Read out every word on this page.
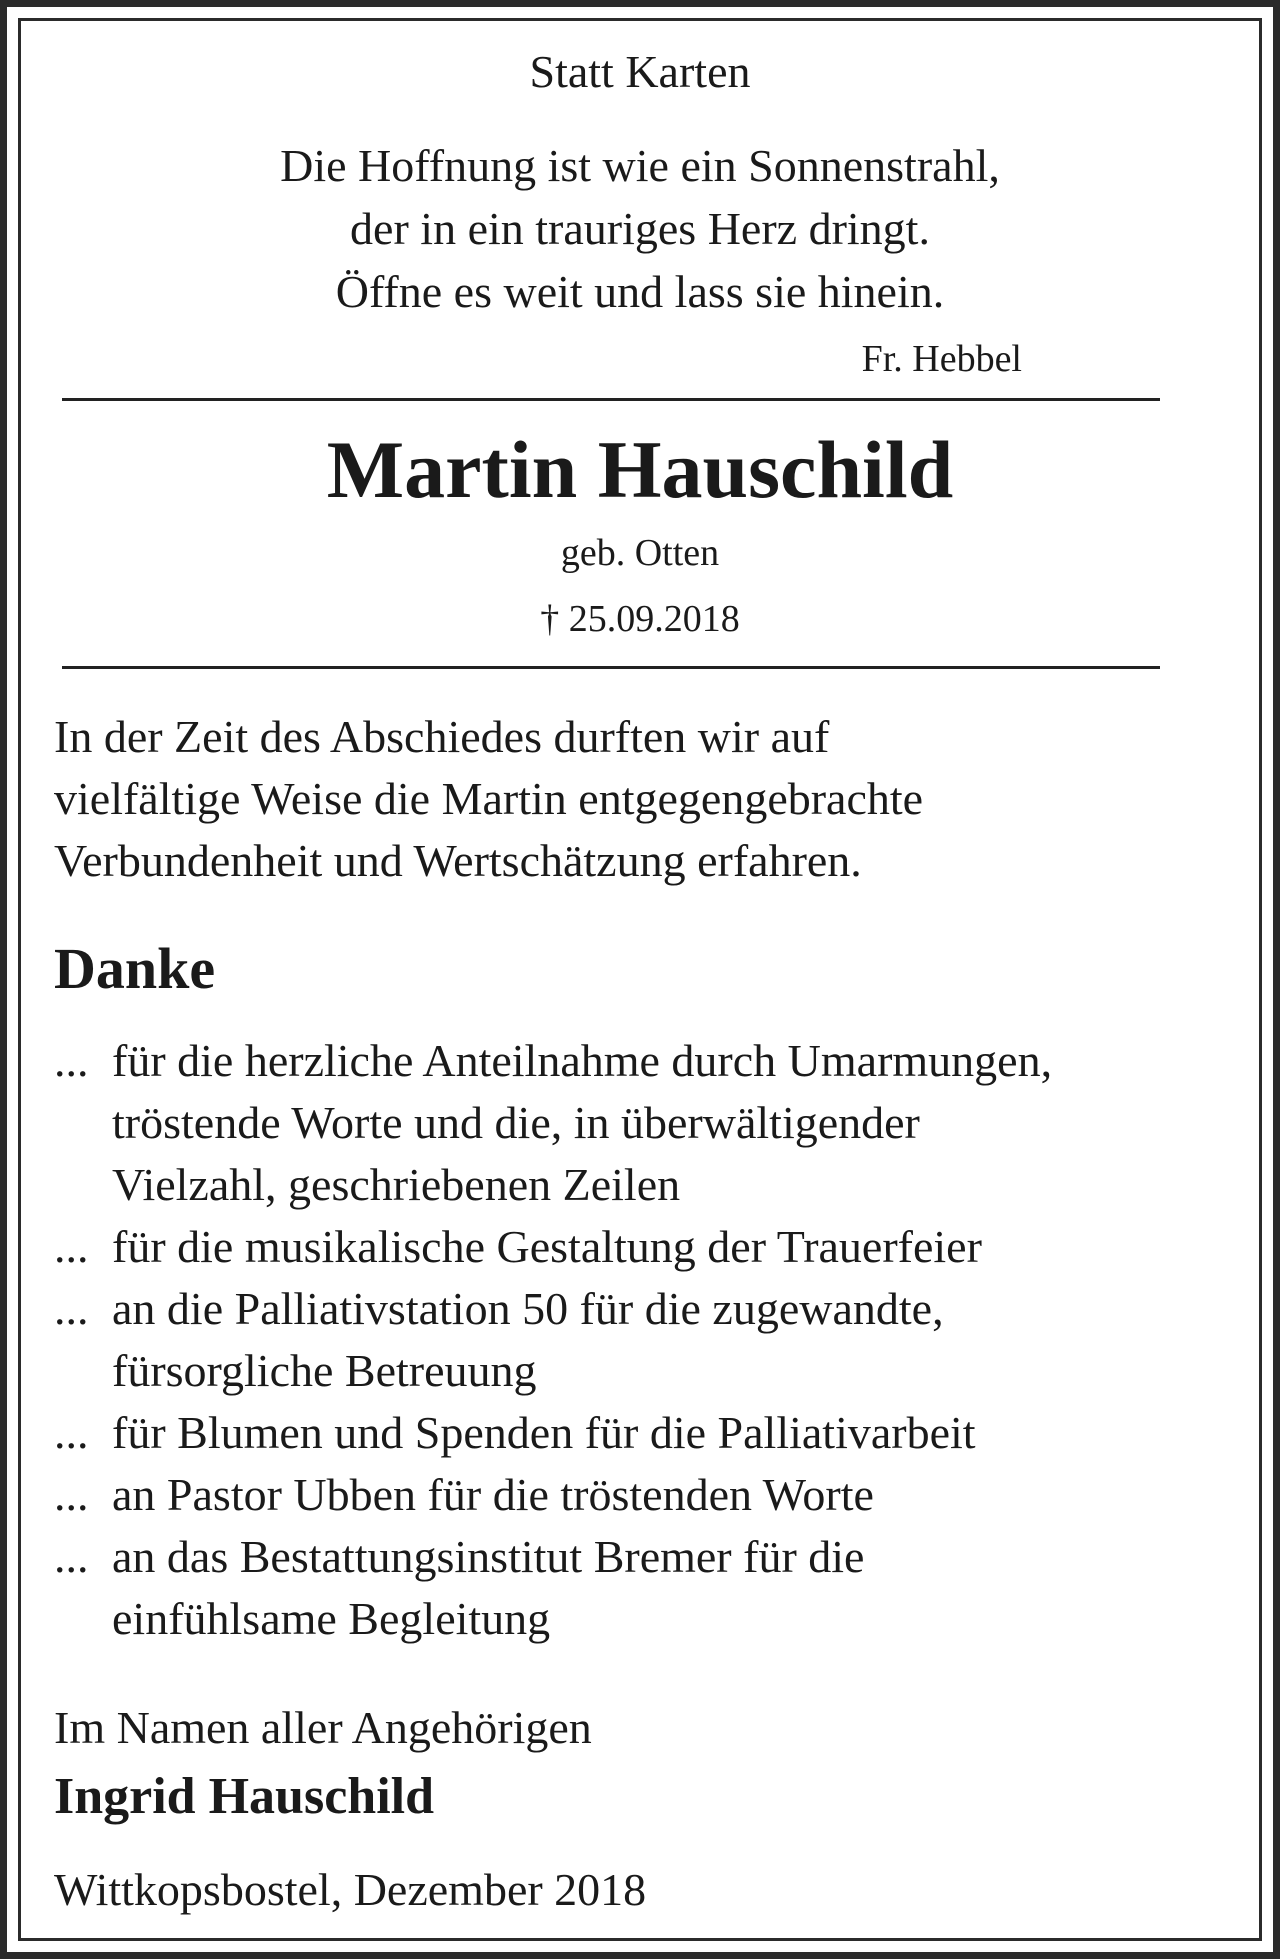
Statt Karten
Die Hoffnung ist wie ein Sonnenstrahl,
der in ein trauriges Herz dringt.
Öffne es weit und lass sie hinein.
Fr. Hebbel
Martin Hauschild
geb. Otten
† 25.09.2018
In der Zeit des Abschiedes durften wir auf
vielfältige Weise die Martin entgegengebrachte
Verbundenheit und Wertschätzung erfahren.
Danke
... für die herzliche Anteilnahme durch Umarmungen,
tröstende Worte und die, in überwältigender
Vielzahl, geschriebenen Zeilen
... für die musikalische Gestaltung der Trauerfeier
... an die Palliativstation 50 für die zugewandte,
fürsorgliche Betreuung
... für Blumen und Spenden für die Palliativarbeit
... an Pastor Ubben für die tröstenden Worte
... an das Bestattungsinstitut Bremer für die
einfühlsame Begleitung
Im Namen aller Angehörigen
Ingrid Hauschild
Wittkopsbostel, Dezember 2018
